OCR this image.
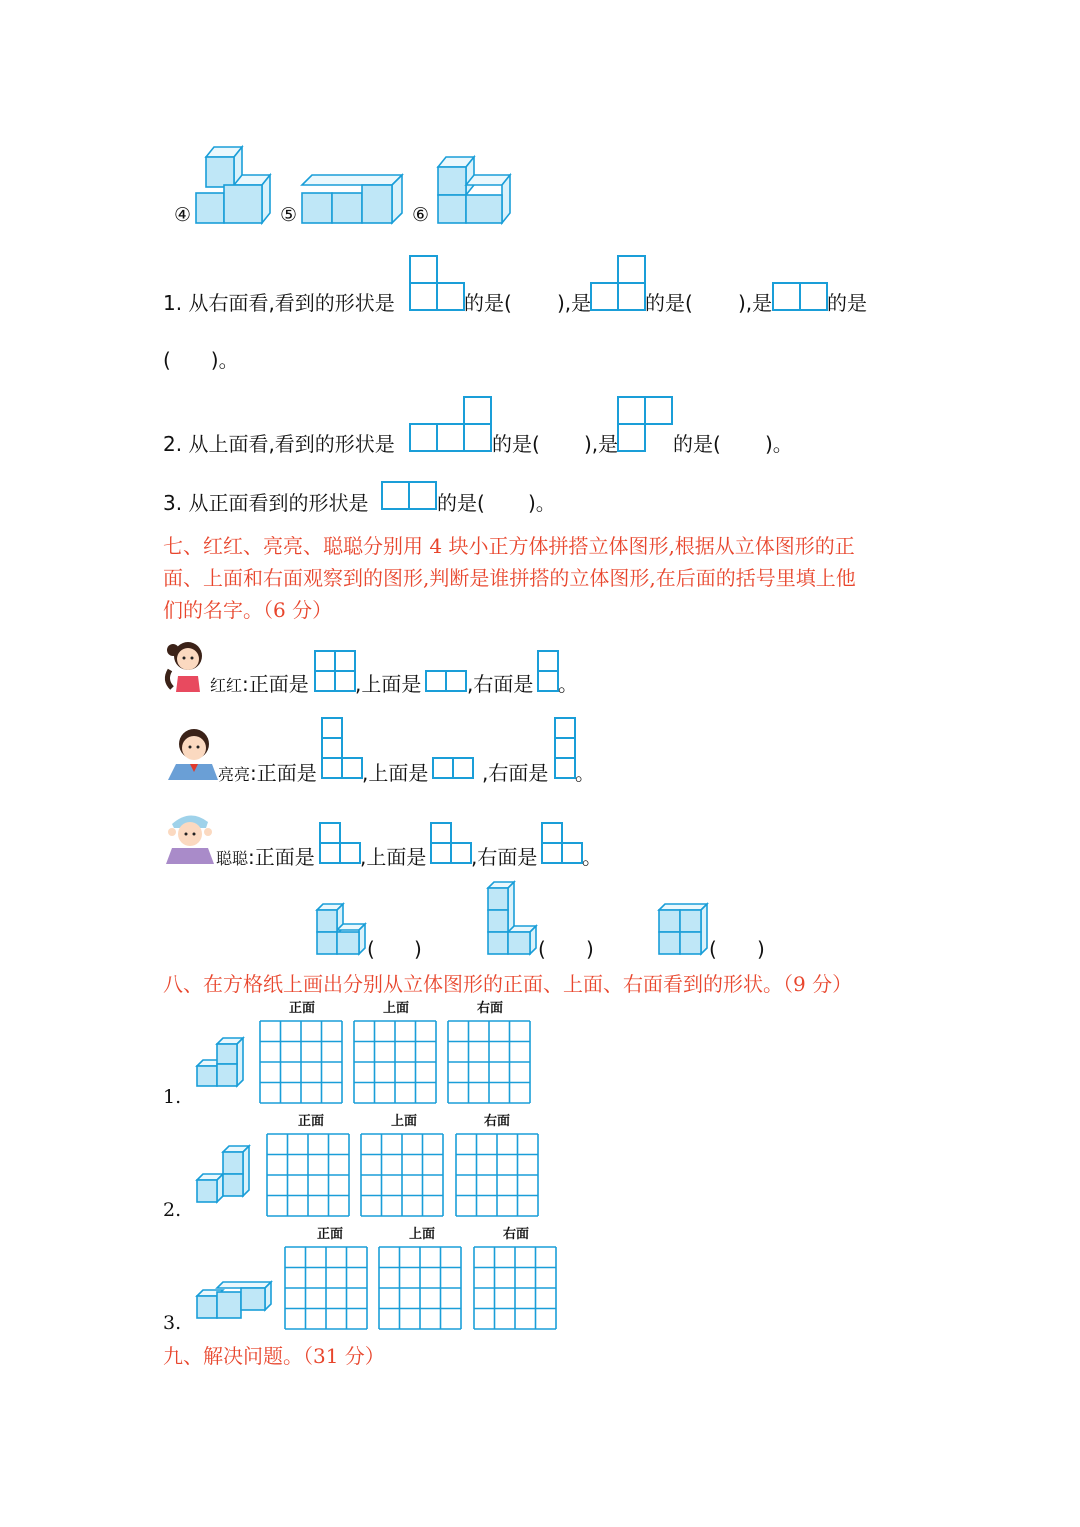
④	⑤	⑥
1. 从右面看,看到的形状是	的是( ),是	的是( ),是	的是
(　　)。
2. 从上面看,看到的形状是	的是( ),是	的是( )。
3. 从正面看到的形状是	的是( )。
七、红红、亮亮、聪聪分别用 4 块小正方体拼搭立体图形,根据从立体图形的正
面、上面和右面观察到的图形,判断是谁拼搭的立体图形,在后面的括号里填上他
们的名字。（6 分）
红红 :正面是 ,上面是 ,右面是 。
亮亮 :正面是 ,上面是	,右面是 。
聪聪 :正面是 ,上面是 ,右面是 。
( )	( )	( )
八、在方格纸上画出分别从立体图形的正面、上面、右面看到的形状。（9 分）
1.
正面	上面	右面
2.
正面	上面	右面
3.
正面	上面	右面
九、解决问题。（31 分）
